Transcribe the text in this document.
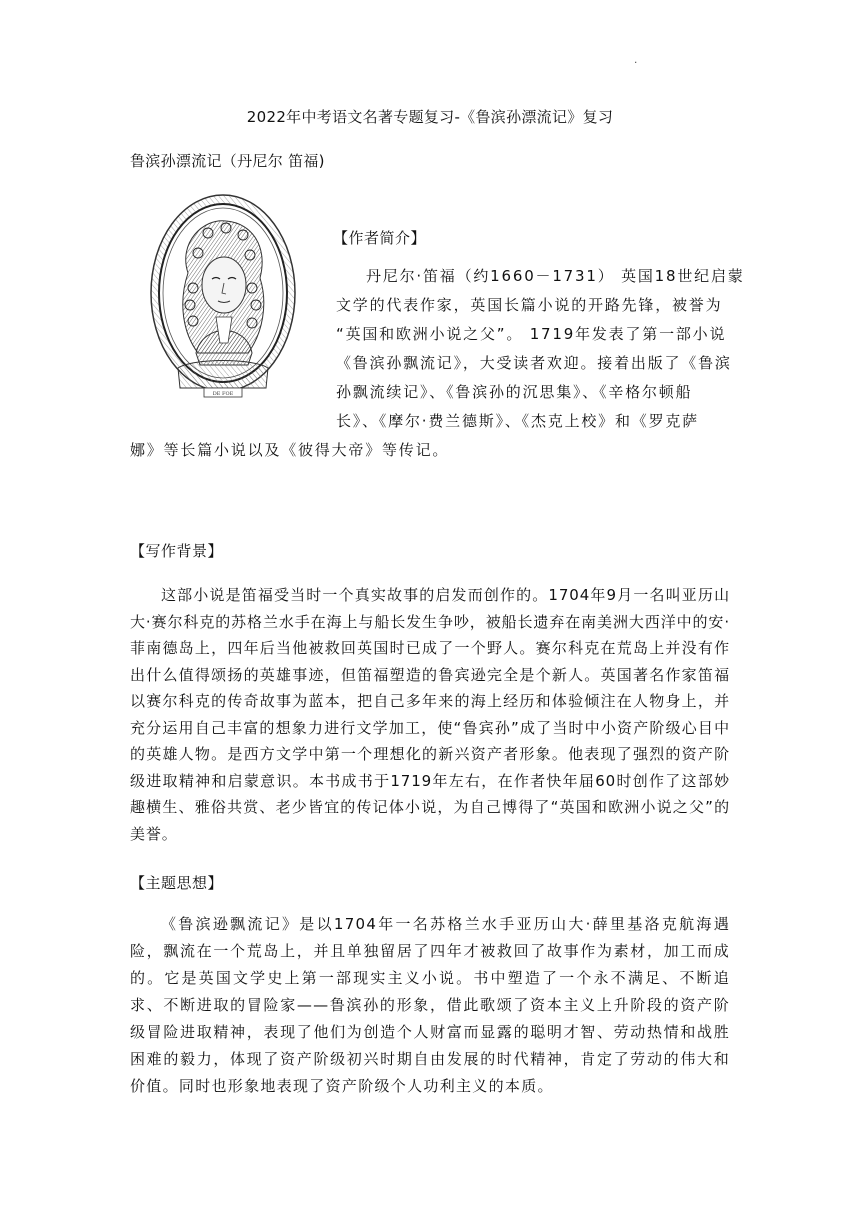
.
2022年中考语文名著专题复习-《鲁滨孙漂流记》复习
鲁滨孙漂流记（丹尼尔 笛福)
DE FOE
【作者简介】
丹尼尔·笛福（约1660－1731） 英国18世纪启蒙
文学的代表作家，英国长篇小说的开路先锋，被誉为
“英国和欧洲小说之父”。 1719年发表了第一部小说
《鲁滨孙飘流记》，大受读者欢迎。接着出版了《鲁滨
孙飘流续记》、《鲁滨孙的沉思集》、《辛格尔顿船
长》、《摩尔·费兰德斯》、《杰克上校》和《罗克萨
娜》等长篇小说以及《彼得大帝》等传记。
【写作背景】

这部小说是笛福受当时一个真实故事的启发而创作的。1704年9月一名叫亚历山大·赛尔科克的苏格兰水手在海上与船长发生争吵，被船长遗弃在南美洲大西洋中的安·菲南德岛上，四年后当他被救回英国时已成了一个野人。赛尔科克在荒岛上并没有作出什么值得颂扬的英雄事迹，但笛福塑造的鲁宾逊完全是个新人。英国著名作家笛福以赛尔科克的传奇故事为蓝本，把自己多年来的海上经历和体验倾注在人物身上，并充分运用自己丰富的想象力进行文学加工，使“鲁宾孙”成了当时中小资产阶级心目中的英雄人物。是西方文学中第一个理想化的新兴资产者形象。他表现了强烈的资产阶级进取精神和启蒙意识。本书成书于1719年左右，在作者快年届60时创作了这部妙趣横生、雅俗共赏、老少皆宜的传记体小说，为自己博得了“英国和欧洲小说之父”的美誉。

【主题思想】

《鲁滨逊飘流记》是以1704年一名苏格兰水手亚历山大·薛里基洛克航海遇险，飘流在一个荒岛上，并且单独留居了四年才被救回了故事作为素材，加工而成的。它是英国文学史上第一部现实主义小说。书中塑造了一个永不满足、不断追求、不断进取的冒险家——鲁滨孙的形象，借此歌颂了资本主义上升阶段的资产阶级冒险进取精神，表现了他们为创造个人财富而显露的聪明才智、劳动热情和战胜困难的毅力，体现了资产阶级初兴时期自由发展的时代精神，肯定了劳动的伟大和价值。同时也形象地表现了资产阶级个人功利主义的本质。
